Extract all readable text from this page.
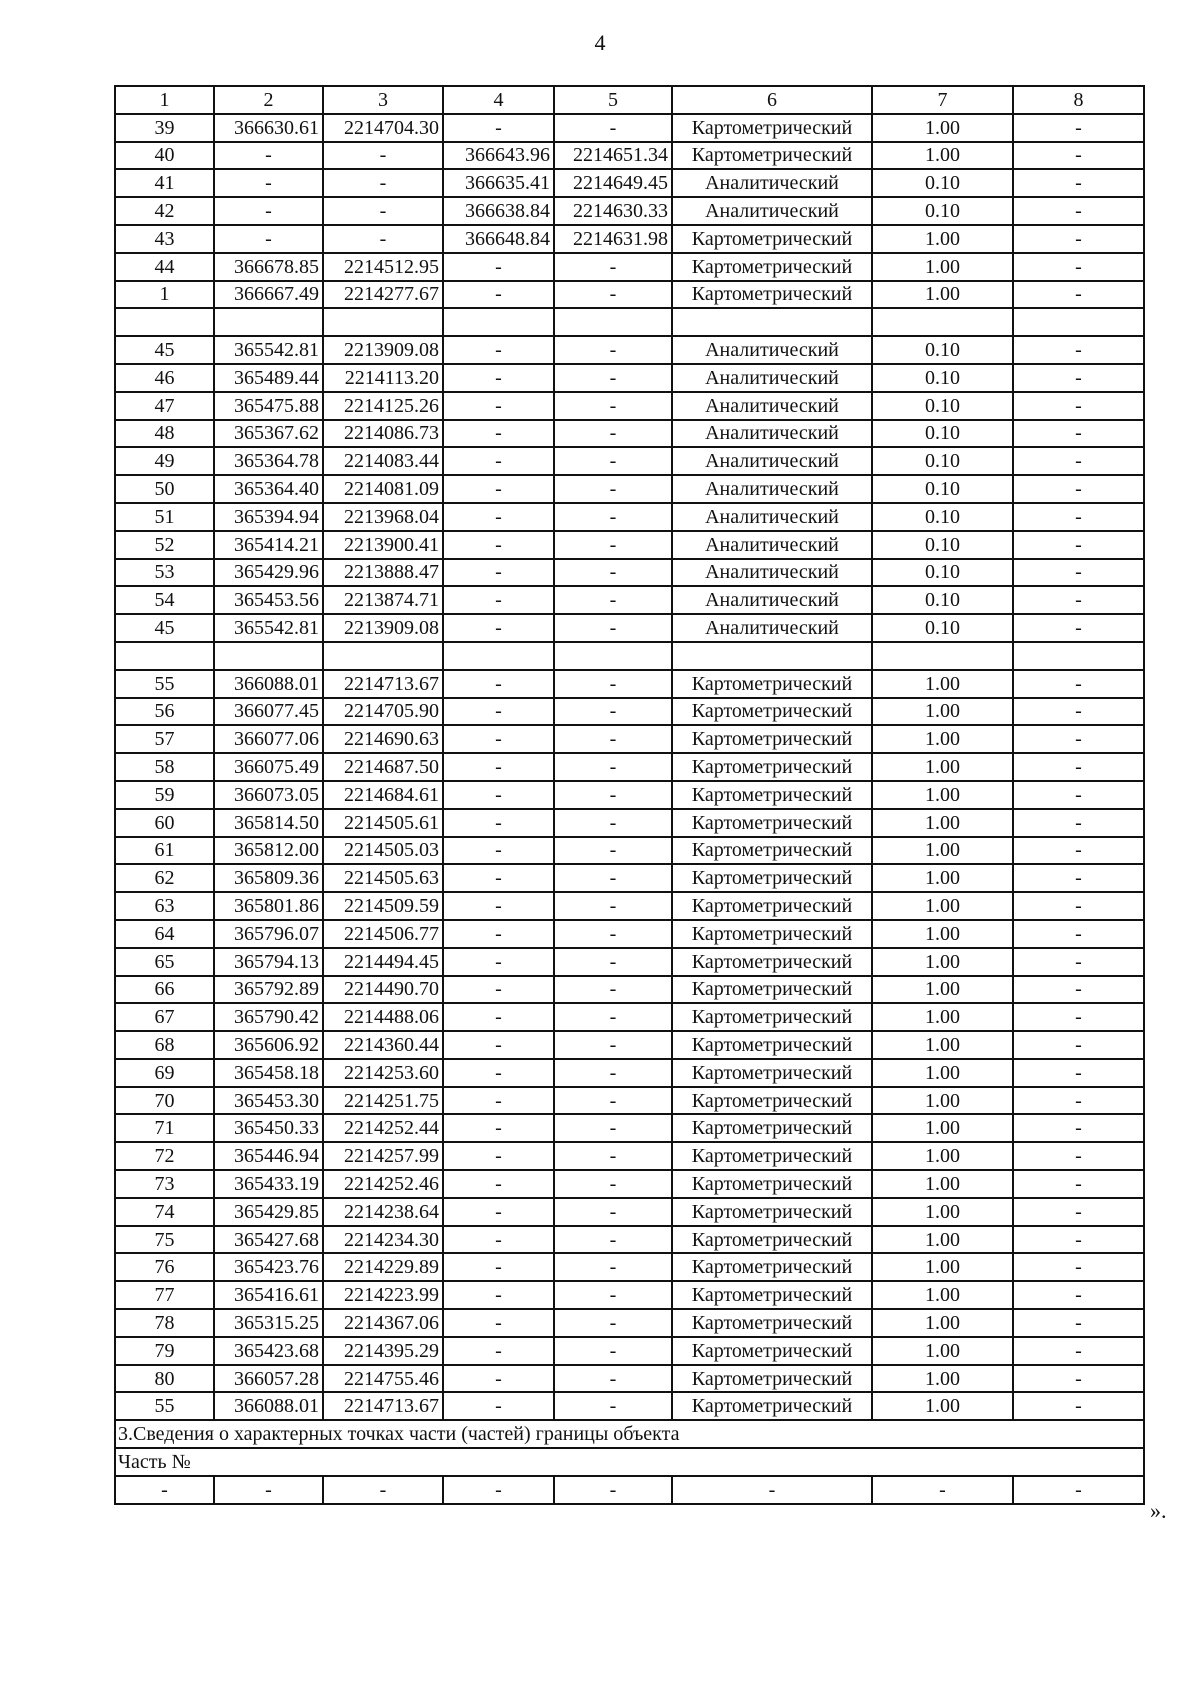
4
1	2	3	4	5	6	7	8
39	366630.61	2214704.30	-	-	Картометрический	1.00	-
40	-	-	366643.96	2214651.34	Картометрический	1.00	-
41	-	-	366635.41	2214649.45	Аналитический	0.10	-
42	-	-	366638.84	2214630.33	Аналитический	0.10	-
43	-	-	366648.84	2214631.98	Картометрический	1.00	-
44	366678.85	2214512.95	-	-	Картометрический	1.00	-
1	366667.49	2214277.67	-	-	Картометрический	1.00	-

45	365542.81	2213909.08	-	-	Аналитический	0.10	-
46	365489.44	2214113.20	-	-	Аналитический	0.10	-
47	365475.88	2214125.26	-	-	Аналитический	0.10	-
48	365367.62	2214086.73	-	-	Аналитический	0.10	-
49	365364.78	2214083.44	-	-	Аналитический	0.10	-
50	365364.40	2214081.09	-	-	Аналитический	0.10	-
51	365394.94	2213968.04	-	-	Аналитический	0.10	-
52	365414.21	2213900.41	-	-	Аналитический	0.10	-
53	365429.96	2213888.47	-	-	Аналитический	0.10	-
54	365453.56	2213874.71	-	-	Аналитический	0.10	-
45	365542.81	2213909.08	-	-	Аналитический	0.10	-

55	366088.01	2214713.67	-	-	Картометрический	1.00	-
56	366077.45	2214705.90	-	-	Картометрический	1.00	-
57	366077.06	2214690.63	-	-	Картометрический	1.00	-
58	366075.49	2214687.50	-	-	Картометрический	1.00	-
59	366073.05	2214684.61	-	-	Картометрический	1.00	-
60	365814.50	2214505.61	-	-	Картометрический	1.00	-
61	365812.00	2214505.03	-	-	Картометрический	1.00	-
62	365809.36	2214505.63	-	-	Картометрический	1.00	-
63	365801.86	2214509.59	-	-	Картометрический	1.00	-
64	365796.07	2214506.77	-	-	Картометрический	1.00	-
65	365794.13	2214494.45	-	-	Картометрический	1.00	-
66	365792.89	2214490.70	-	-	Картометрический	1.00	-
67	365790.42	2214488.06	-	-	Картометрический	1.00	-
68	365606.92	2214360.44	-	-	Картометрический	1.00	-
69	365458.18	2214253.60	-	-	Картометрический	1.00	-
70	365453.30	2214251.75	-	-	Картометрический	1.00	-
71	365450.33	2214252.44	-	-	Картометрический	1.00	-
72	365446.94	2214257.99	-	-	Картометрический	1.00	-
73	365433.19	2214252.46	-	-	Картометрический	1.00	-
74	365429.85	2214238.64	-	-	Картометрический	1.00	-
75	365427.68	2214234.30	-	-	Картометрический	1.00	-
76	365423.76	2214229.89	-	-	Картометрический	1.00	-
77	365416.61	2214223.99	-	-	Картометрический	1.00	-
78	365315.25	2214367.06	-	-	Картометрический	1.00	-
79	365423.68	2214395.29	-	-	Картометрический	1.00	-
80	366057.28	2214755.46	-	-	Картометрический	1.00	-
55	366088.01	2214713.67	-	-	Картометрический	1.00	-
3.Сведения о характерных точках части (частей) границы объекта							
Часть №							
-	-	-	-	-	-	-	-
».
